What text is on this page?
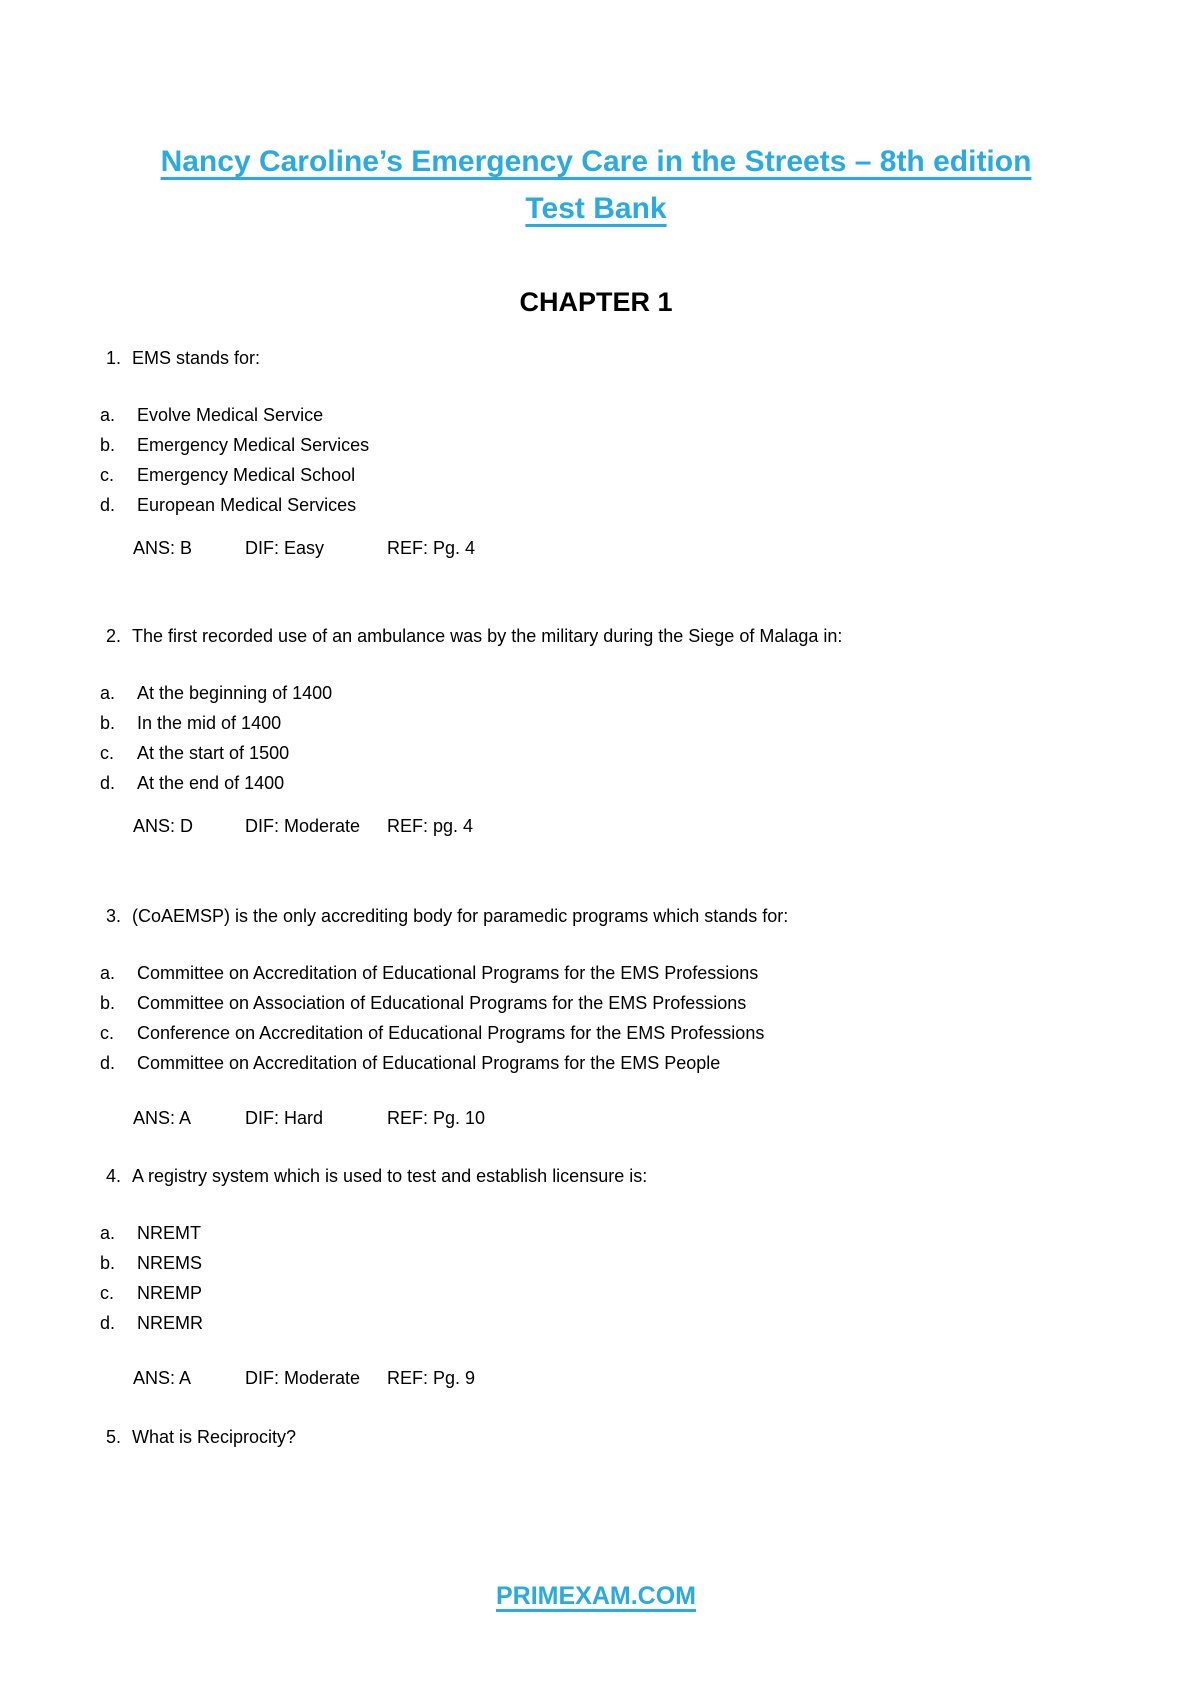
Nancy Caroline’s Emergency Care in the Streets – 8th edition
Test Bank
CHAPTER 1
1. EMS stands for:
a. Evolve Medical Service
b. Emergency Medical Services
c. Emergency Medical School
d. European Medical Services
ANS: B	DIF: Easy	REF: Pg. 4
2. The first recorded use of an ambulance was by the military during the Siege of Malaga in:
a. At the beginning of 1400
b. In the mid of 1400
c. At the start of 1500
d. At the end of 1400
ANS: D	DIF: Moderate REF: pg. 4
3. (CoAEMSP) is the only accrediting body for paramedic programs which stands for:
a. Committee on Accreditation of Educational Programs for the EMS Professions
b. Committee on Association of Educational Programs for the EMS Professions
c. Conference on Accreditation of Educational Programs for the EMS Professions
d. Committee on Accreditation of Educational Programs for the EMS People
ANS: A	DIF: Hard	REF: Pg. 10
4. A registry system which is used to test and establish licensure is:
a. NREMT
b. NREMS
c. NREMP
d. NREMR
ANS: A	DIF: Moderate REF: Pg. 9
5. What is Reciprocity?
PRIMEXAM.COM
